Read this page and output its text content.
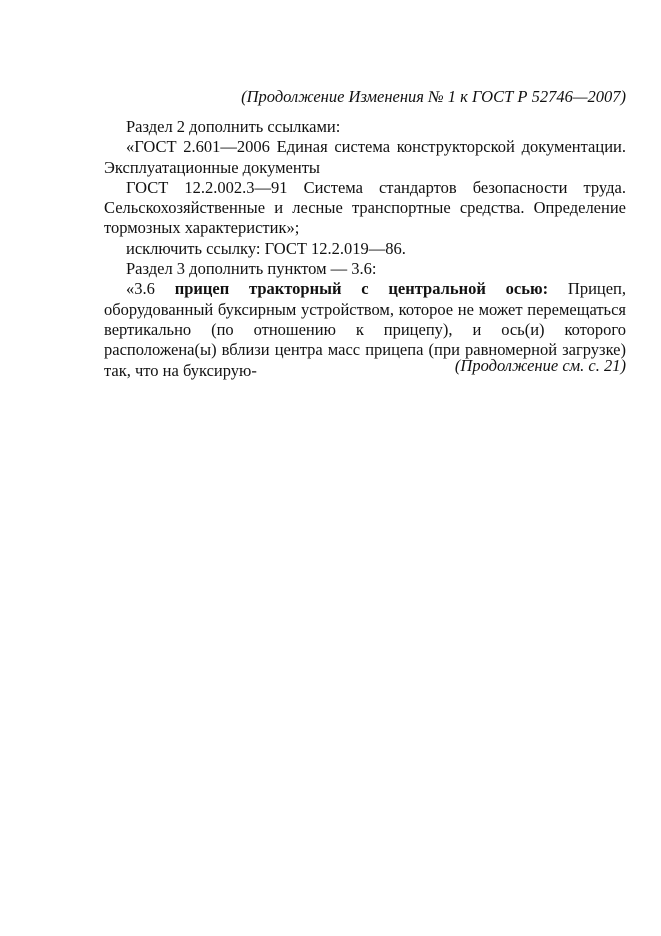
(Продолжение Изменения № 1 к ГОСТ Р 52746—2007)

Раздел 2 дополнить ссылками:

«ГОСТ 2.601—2006 Единая система конструкторской документации. Эксплуатационные документы

ГОСТ 12.2.002.3—91 Система стандартов безопасности труда. Сельскохозяйственные и лесные транспортные средства. Определение тормозных характеристик»;

исключить ссылку: ГОСТ 12.2.019—86.

Раздел 3 дополнить пунктом — 3.6:

«3.6 прицеп тракторный с центральной осью: Прицеп, оборудованный буксирным устройством, которое не может перемещаться вертикально (по отношению к прицепу), и ось(и) которого расположена(ы) вблизи центра масс прицепа (при равномерной загрузке) так, что на буксирую-	(Продолжение см. с. 21)
